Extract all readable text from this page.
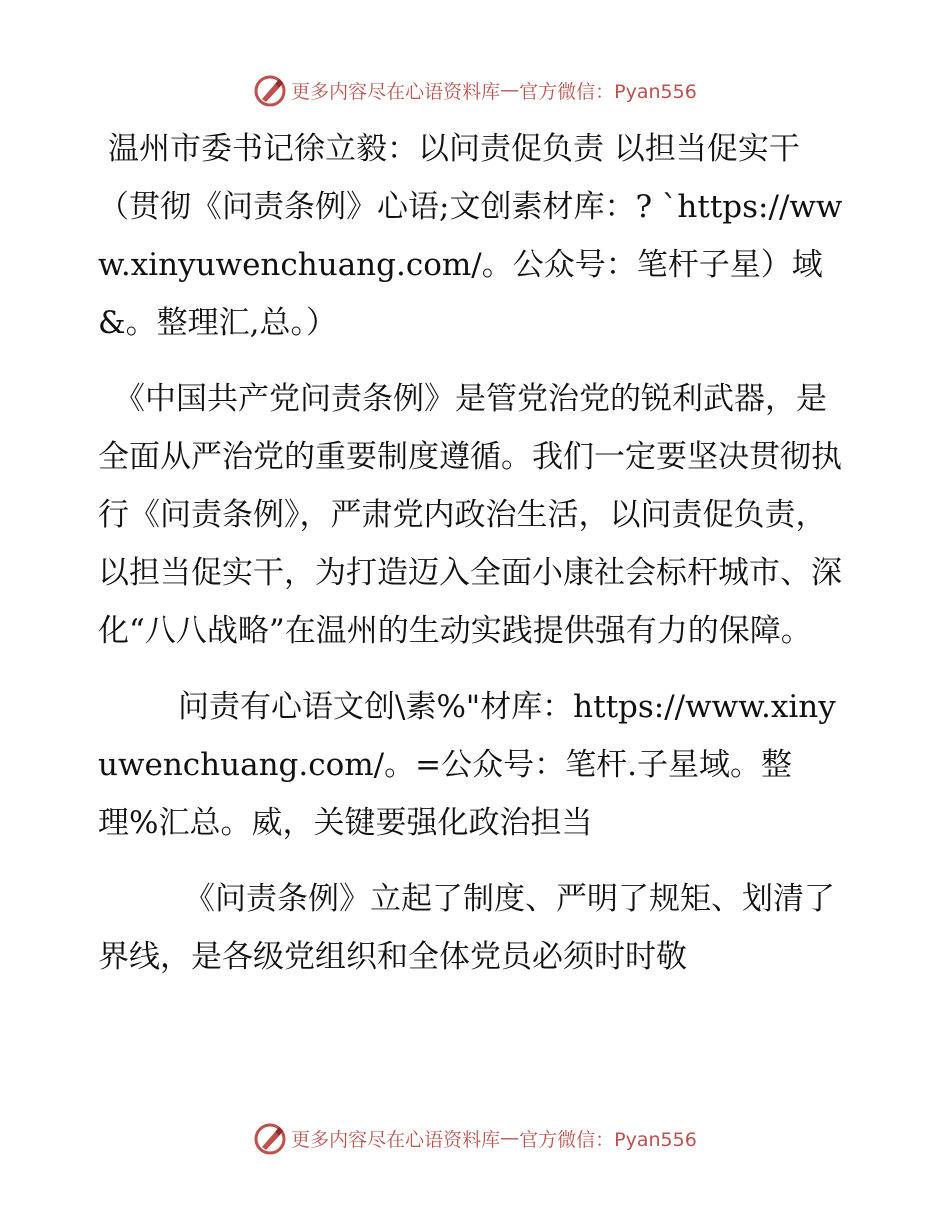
更多内容尽在心语资料库 — 官方微信：Pyan556

温州市委书记徐立毅：以问责促负责 以担当促实干（贯彻《问责条例》心语;文创素材库：? `https://www.xinyuwenchuang.com/。公众号：笔杆子星）域&。整理汇,总。）

《中国共产党问责条例》是管党治党的锐利武器，是全面从严治党的重要制度遵循。我们一定要坚决贯彻执行《问责条例》，严肃党内政治生活，以问责促负责，以担当促实干，为打造迈入全面小康社会标杆城市、深化“八八战略”在温州的生动实践提供强有力的保障。

问责有心语文创\素%"材库：https://www.xinyuwenchuang.com/。=公众号：笔杆.子星域。整理%汇总。威，关键要强化政治担当

《问责条例》立起了制度、严明了规矩、划清了界线，是各级党组织和全体党员必须时时敬

更多内容尽在心语资料库 — 官方微信：Pyan556
